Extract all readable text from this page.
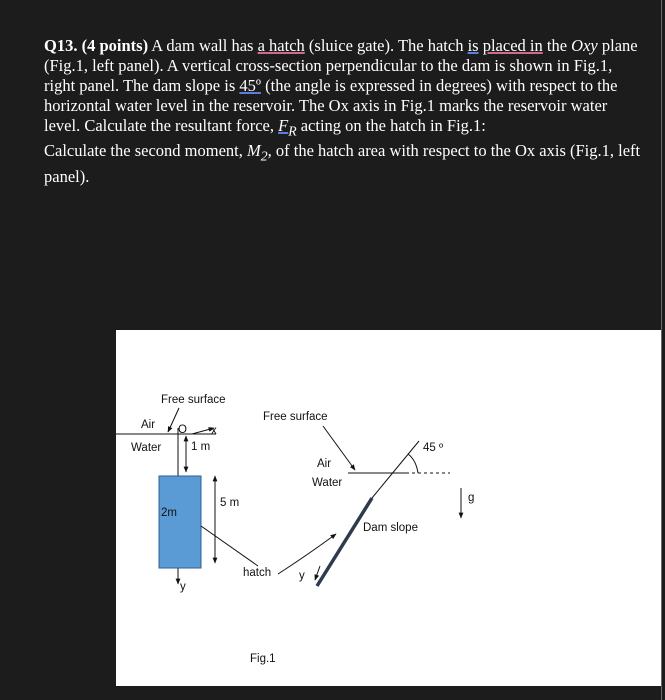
Q13. (4 points) A dam wall has a hatch (sluice gate). The hatch is placed in the Oxy plane (Fig.1, left panel). A vertical cross-section perpendicular to the dam is shown in Fig.1, right panel. The dam slope is 45º (the angle is expressed in degrees) with respect to the horizontal water level in the reservoir. The Ox axis in Fig.1 marks the reservoir water level. Calculate the resultant force, $F_R$ acting on the hatch in Fig.1:

Calculate the second moment, $M_2$, of the hatch area with respect to the Ox axis (Fig.1, left panel).

Free surface
Air
Water
O x
y
1 m
2m
5 m
Free surface
Air
Water
45 º
g
Dam slope
hatch y
Fig.1
